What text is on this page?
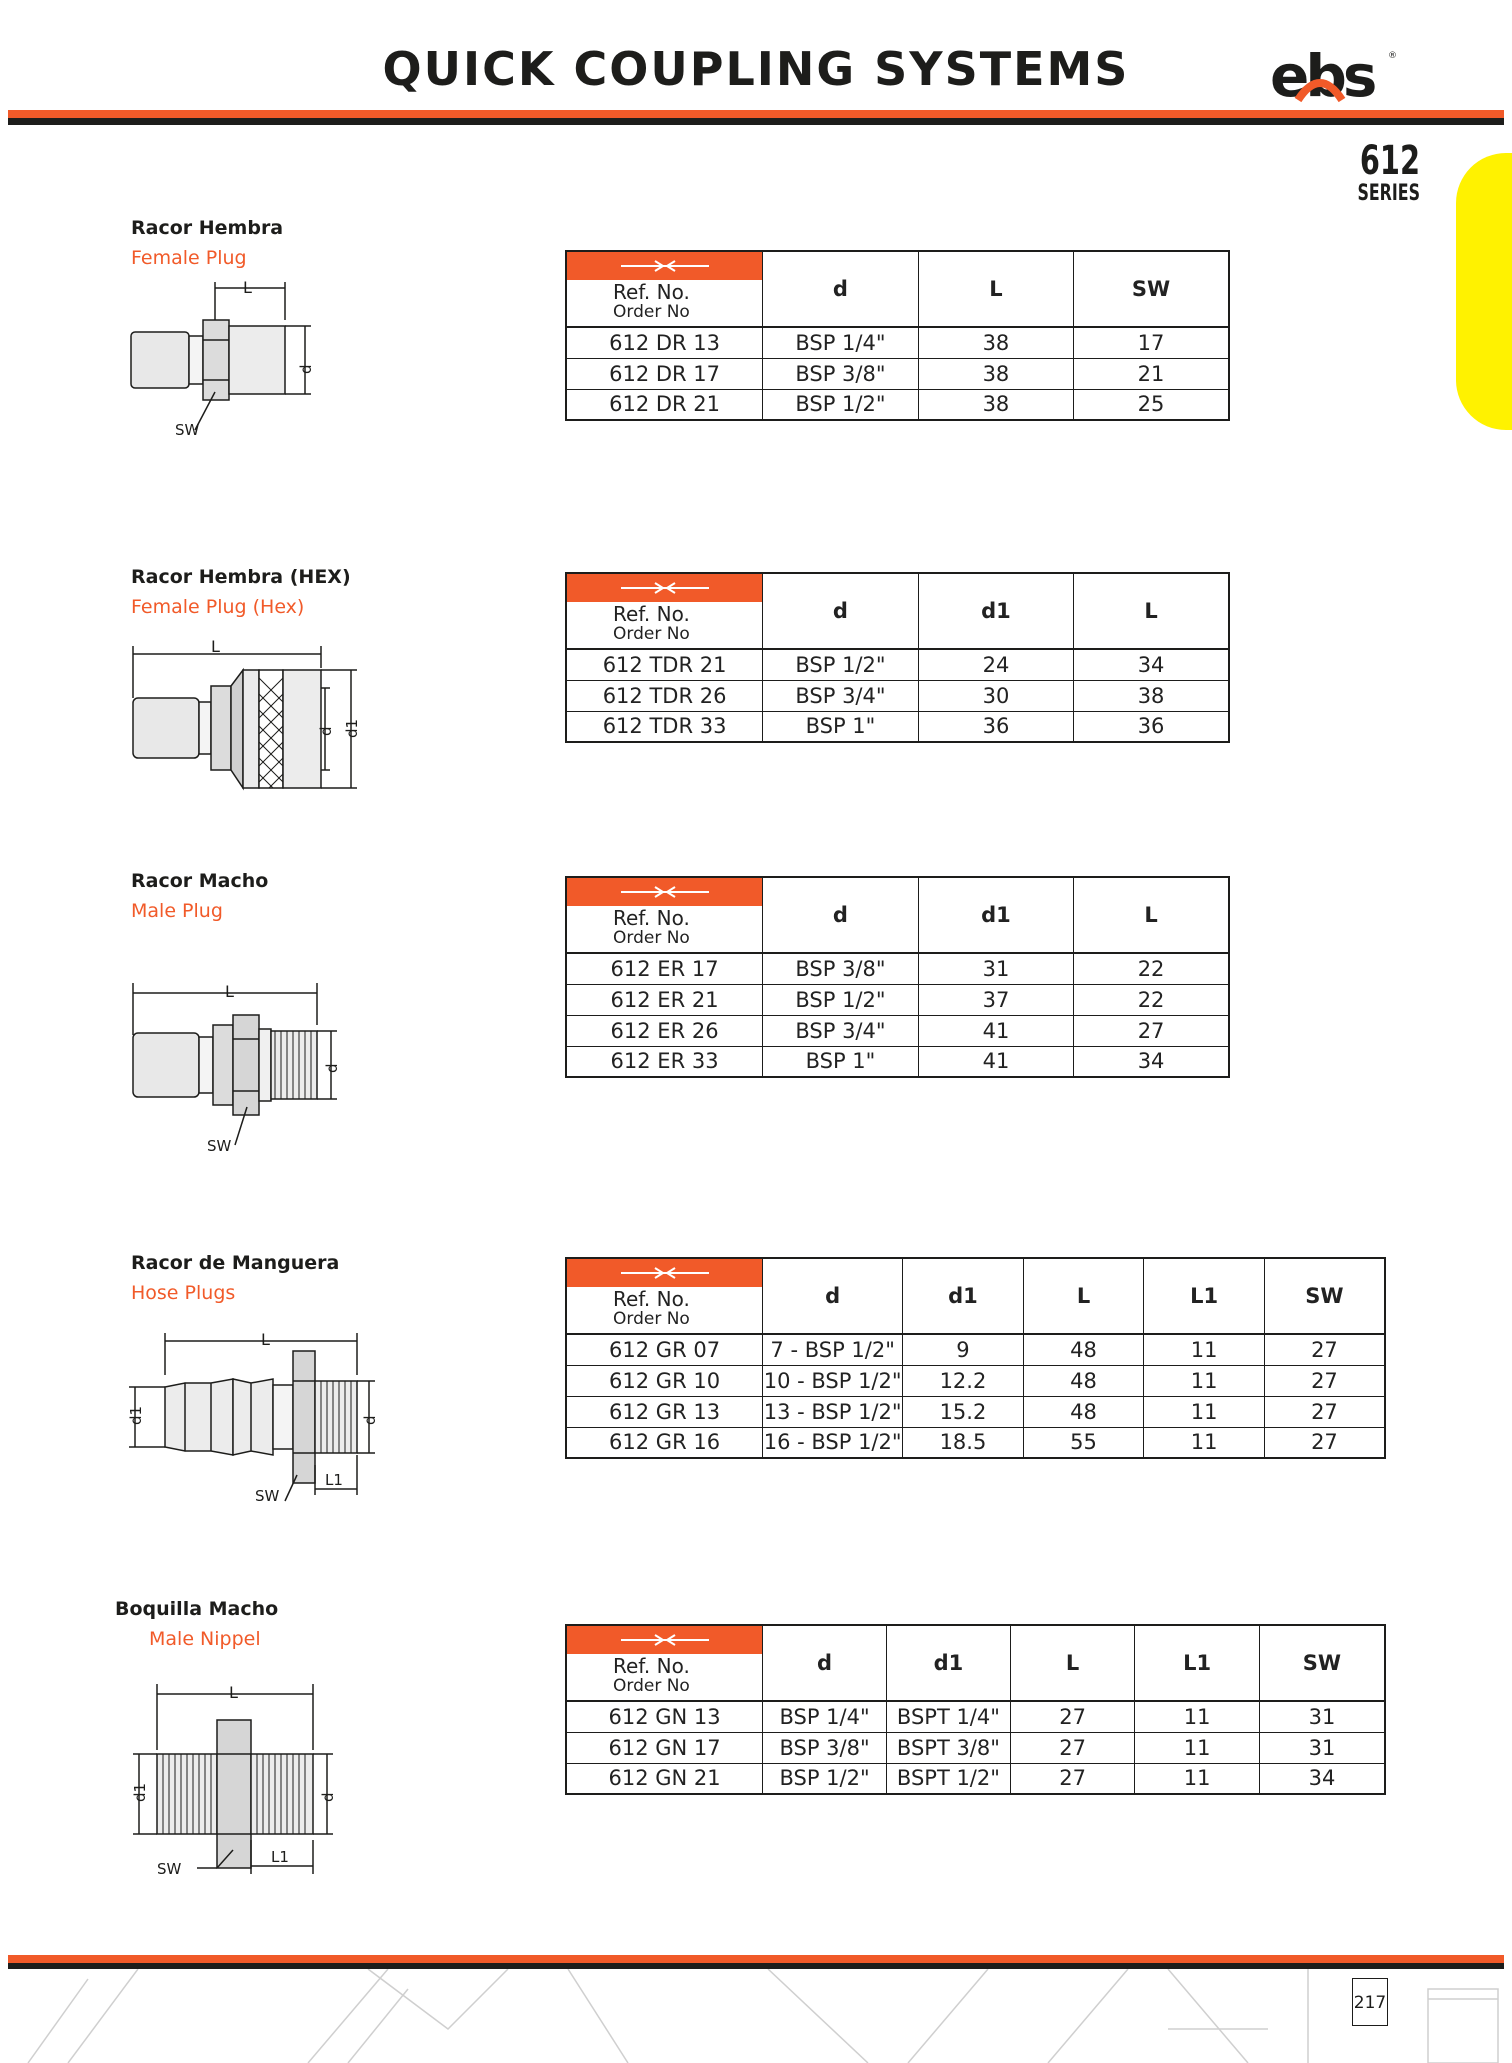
QUICK COUPLING SYSTEMS	ebs ®
612
SERIES
Racor Hembra
Female Plug
L
d
SW
Ref. No.
Order No	d	L	SW
612 DR 13	BSP 1/4"	38	17
612 DR 17	BSP 3/8"	38	21
612 DR 21	BSP 1/2"	38	25
Racor Hembra (HEX)
Female Plug (Hex)
L
d d1
Ref. No.
Order No	d	d1	L
612 TDR 21	BSP 1/2"	24	34
612 TDR 26	BSP 3/4"	30	38
612 TDR 33	BSP 1"	36	36
Racor Macho
Male Plug
L
d
SW
Ref. No.
Order No	d	d1	L
612 ER 17	BSP 3/8"	31	22
612 ER 21	BSP 1/2"	37	22
612 ER 26	BSP 3/4"	41	27
612 ER 33	BSP 1"	41	34
Racor de Manguera
Hose Plugs
L
d1	d
L1
SW
Ref. No.
Order No	d	d1	L	L1	SW
612 GR 07	7 - BSP 1/2"	9	48	11	27
612 GR 10	10 - BSP 1/2"	12.2	48	11	27
612 GR 13	13 - BSP 1/2"	15.2	48	11	27
612 GR 16	16 - BSP 1/2"	18.5	55	11	27
Boquilla Macho
Male Nippel
L
d1	d
L1
SW
Ref. No.
Order No	d	d1	L	L1	SW
612 GN 13	BSP 1/4"	BSPT 1/4"	27	11	31
612 GN 17	BSP 3/8"	BSPT 3/8"	27	11	31
612 GN 21	BSP 1/2"	BSPT 1/2"	27	11	34
217
